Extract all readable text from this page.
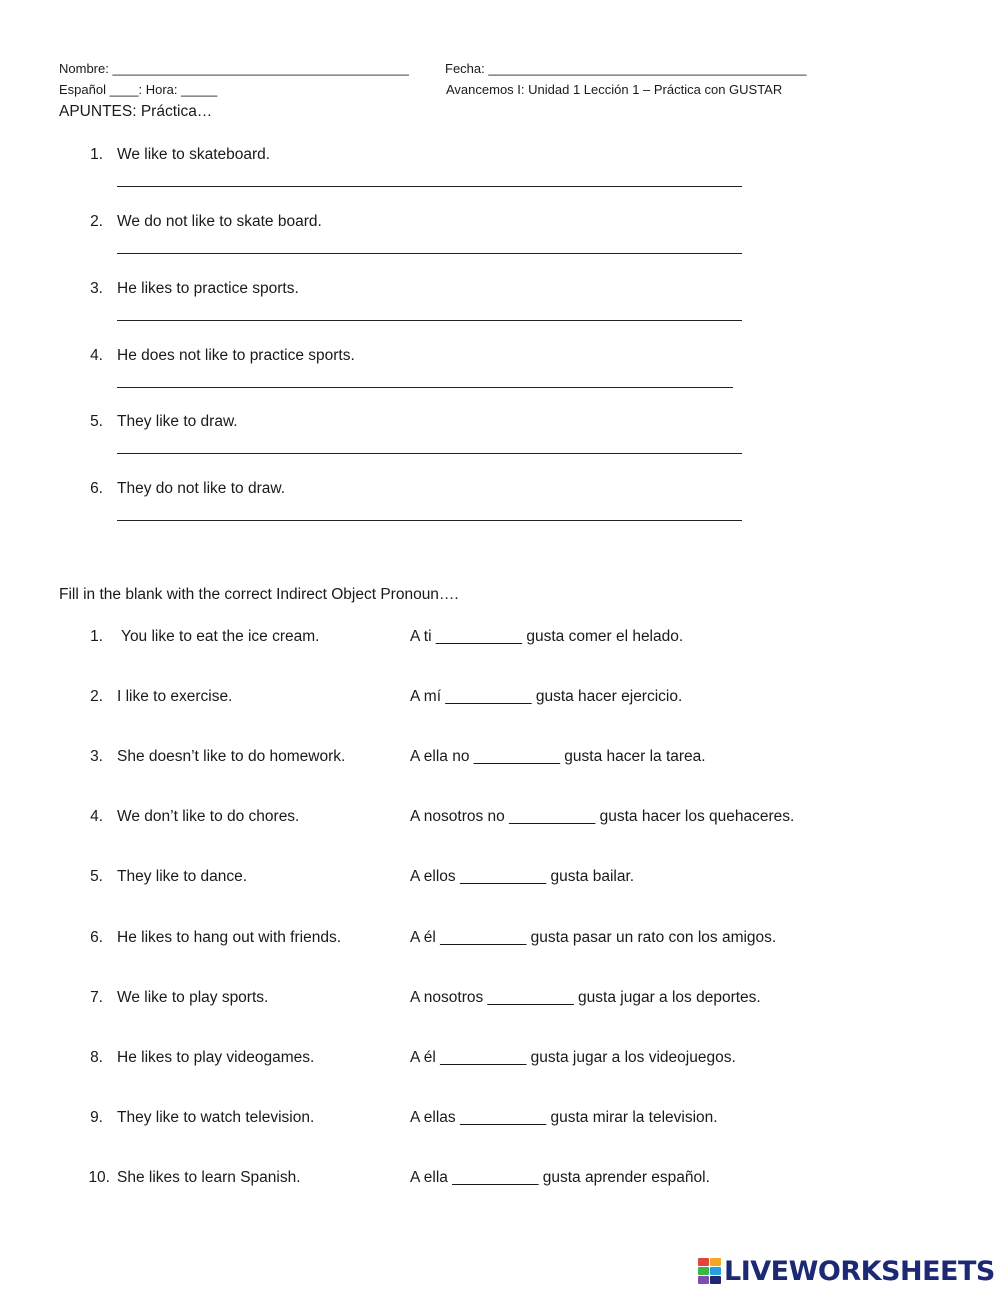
Nombre: _________________________________________	Fecha: ____________________________________________
Español ____: Hora: _____	Avancemos I: Unidad 1 Lección 1 – Práctica con GUSTAR
APUNTES: Práctica…
1. We like to skateboard.
2. We do not like to skate board.
3. He likes to practice sports.
4. He does not like to practice sports.
5. They like to draw.
6. They do not like to draw.
Fill in the blank with the correct Indirect Object Pronoun….
1. You like to eat the ice cream.	A ti __________ gusta comer el helado.
2. I like to exercise.	A mí __________ gusta hacer ejercicio.
3. She doesn’t like to do homework.	A ella no __________ gusta hacer la tarea.
4. We don’t like to do chores.	A nosotros no __________ gusta hacer los quehaceres.
5. They like to dance.	A ellos __________ gusta bailar.
6. He likes to hang out with friends.	A él __________ gusta pasar un rato con los amigos.
7. We like to play sports.	A nosotros __________ gusta jugar a los deportes.
8. He likes to play videogames.	A él __________ gusta jugar a los videojuegos.
9. They like to watch television.	A ellas __________ gusta mirar la television.
10. She likes to learn Spanish.	A ella __________ gusta aprender español.
LIVEWORKSHEETS
